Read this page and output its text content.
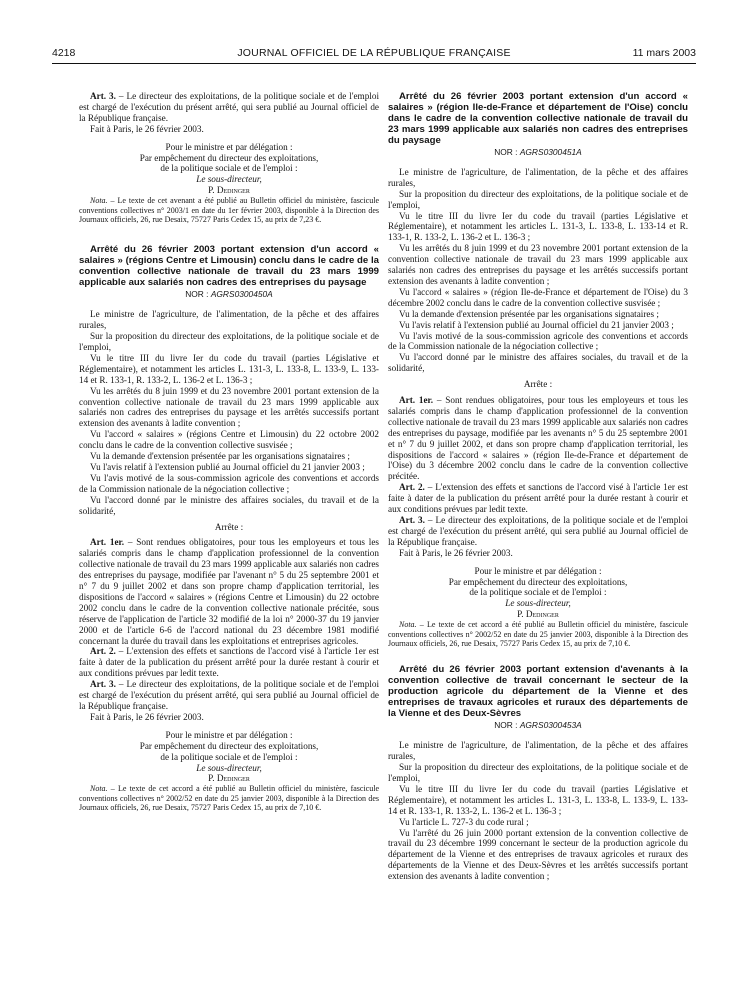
4218	JOURNAL OFFICIEL DE LA RÉPUBLIQUE FRANÇAISE	11 mars 2003

Art. 3. – Le directeur des exploitations, de la politique sociale et de l'emploi est chargé de l'exécution du présent arrêté, qui sera publié au Journal officiel de la République française.

Fait à Paris, le 26 février 2003.

Pour le ministre et par délégation :
Par empêchement du directeur des exploitations,
de la politique sociale et de l'emploi :
Le sous-directeur,
P. Dedinger

Nota. – Le texte de cet avenant a été publié au Bulletin officiel du ministère, fascicule conventions collectives n° 2003/1 en date du 1er février 2003, disponible à la Direction des Journaux officiels, 26, rue Desaix, 75727 Paris Cedex 15, au prix de 7,23 €.

Arrêté du 26 février 2003 portant extension d'un accord « salaires » (régions Centre et Limousin) conclu dans le cadre de la convention collective nationale de travail du 23 mars 1999 applicable aux salariés non cadres des entreprises du paysage

NOR : AGRS0300450A

Le ministre de l'agriculture, de l'alimentation, de la pêche et des affaires rurales,

Sur la proposition du directeur des exploitations, de la politique sociale et de l'emploi,

Vu le titre III du livre Ier du code du travail (parties Législative et Réglementaire), et notamment les articles L. 131-3, L. 133-8, L. 133-9, L. 133-14 et R. 133-1, R. 133-2, L. 136-2 et L. 136-3 ;

Vu les arrêtés du 8 juin 1999 et du 23 novembre 2001 portant extension de la convention collective nationale de travail du 23 mars 1999 applicable aux salariés non cadres des entreprises du paysage et les arrêtés successifs portant extension des avenants à ladite convention ;

Vu l'accord « salaires » (régions Centre et Limousin) du 22 octobre 2002 conclu dans le cadre de la convention collective susvisée ;

Vu la demande d'extension présentée par les organisations signataires ;

Vu l'avis relatif à l'extension publié au Journal officiel du 21 janvier 2003 ;

Vu l'avis motivé de la sous-commission agricole des conventions et accords de la Commission nationale de la négociation collective ;

Vu l'accord donné par le ministre des affaires sociales, du travail et de la solidarité,

Arrête :

Art. 1er. – Sont rendues obligatoires, pour tous les employeurs et tous les salariés compris dans le champ d'application professionnel de la convention collective nationale de travail du 23 mars 1999 applicable aux salariés non cadres des entreprises du paysage, modifiée par l'avenant n° 5 du 25 septembre 2001 et n° 7 du 9 juillet 2002 et dans son propre champ d'application territorial, les dispositions de l'accord « salaires » (régions Centre et Limousin) du 22 octobre 2002 conclu dans le cadre de la convention collective nationale précitée, sous réserve de l'application de l'article 32 modifié de la loi n° 2000-37 du 19 janvier 2000 et de l'article 6-6 de l'accord national du 23 décembre 1981 modifié concernant la durée du travail dans les exploitations et entreprises agricoles.

Art. 2. – L'extension des effets et sanctions de l'accord visé à l'article 1er est faite à dater de la publication du présent arrêté pour la durée restant à courir et aux conditions prévues par ledit texte.

Art. 3. – Le directeur des exploitations, de la politique sociale et de l'emploi est chargé de l'exécution du présent arrêté, qui sera publié au Journal officiel de la République française.

Fait à Paris, le 26 février 2003.

Pour le ministre et par délégation :
Par empêchement du directeur des exploitations,
de la politique sociale et de l'emploi :
Le sous-directeur,
P. Dedinger

Nota. – Le texte de cet accord a été publié au Bulletin officiel du ministère, fascicule conventions collectives n° 2002/52 en date du 25 janvier 2003, disponible à la Direction des Journaux officiels, 26, rue Desaix, 75727 Paris Cedex 15, au prix de 7,10 €.

Arrêté du 26 février 2003 portant extension d'un accord « salaires » (région Ile-de-France et département de l'Oise) conclu dans le cadre de la convention collective nationale de travail du 23 mars 1999 applicable aux salariés non cadres des entreprises du paysage

NOR : AGRS0300451A

Le ministre de l'agriculture, de l'alimentation, de la pêche et des affaires rurales,

Sur la proposition du directeur des exploitations, de la politique sociale et de l'emploi,

Vu le titre III du livre Ier du code du travail (parties Législative et Réglementaire), et notamment les articles L. 131-3, L. 133-8, L. 133-14 et R. 133-1, R. 133-2, L. 136-2 et L. 136-3 ;

Vu les arrêtés du 8 juin 1999 et du 23 novembre 2001 portant extension de la convention collective nationale de travail du 23 mars 1999 applicable aux salariés non cadres des entreprises du paysage et les arrêtés successifs portant extension des avenants à ladite convention ;

Vu l'accord « salaires » (région Ile-de-France et département de l'Oise) du 3 décembre 2002 conclu dans le cadre de la convention collective susvisée ;

Vu la demande d'extension présentée par les organisations signataires ;

Vu l'avis relatif à l'extension publié au Journal officiel du 21 janvier 2003 ;

Vu l'avis motivé de la sous-commission agricole des conventions et accords de la Commission nationale de la négociation collective ;

Vu l'accord donné par le ministre des affaires sociales, du travail et de la solidarité,

Arrête :

Art. 1er. – Sont rendues obligatoires, pour tous les employeurs et tous les salariés compris dans le champ d'application professionnel de la convention collective nationale de travail du 23 mars 1999 applicable aux salariés non cadres des entreprises du paysage, modifiée par les avenants n° 5 du 25 septembre 2001 et n° 7 du 9 juillet 2002, et dans son propre champ d'application territorial, les dispositions de l'accord « salaires » (région Ile-de-France et département de l'Oise) du 3 décembre 2002 conclu dans le cadre de la convention collective précitée.

Art. 2. – L'extension des effets et sanctions de l'accord visé à l'article 1er est faite à dater de la publication du présent arrêté pour la durée restant à courir et aux conditions prévues par ledit texte.

Art. 3. – Le directeur des exploitations, de la politique sociale et de l'emploi est chargé de l'exécution du présent arrêté, qui sera publié au Journal officiel de la République française.

Fait à Paris, le 26 février 2003.

Pour le ministre et par délégation :
Par empêchement du directeur des exploitations,
de la politique sociale et de l'emploi :
Le sous-directeur,
P. Dedinger

Nota. – Le texte de cet accord a été publié au Bulletin officiel du ministère, fascicule conventions collectives n° 2002/52 en date du 25 janvier 2003, disponible à la Direction des Journaux officiels, 26, rue Desaix, 75727 Paris Cedex 15, au prix de 7,10 €.

Arrêté du 26 février 2003 portant extension d'avenants à la convention collective de travail concernant le secteur de la production agricole du département de la Vienne et des entreprises de travaux agricoles et ruraux des départements de la Vienne et des Deux-Sèvres

NOR : AGRS0300453A

Le ministre de l'agriculture, de l'alimentation, de la pêche et des affaires rurales,

Sur la proposition du directeur des exploitations, de la politique sociale et de l'emploi,

Vu le titre III du livre Ier du code du travail (parties Législative et Réglementaire), et notamment les articles L. 131-3, L. 133-8, L. 133-9, L. 133-14 et R. 133-1, R. 133-2, L. 136-2 et L. 136-3 ;

Vu l'article L. 727-3 du code rural ;

Vu l'arrêté du 26 juin 2000 portant extension de la convention collective de travail du 23 décembre 1999 concernant le secteur de la production agricole du département de la Vienne et des entreprises de travaux agricoles et ruraux des départements de la Vienne et des Deux-Sèvres et les arrêtés successifs portant extension des avenants à ladite convention ;
